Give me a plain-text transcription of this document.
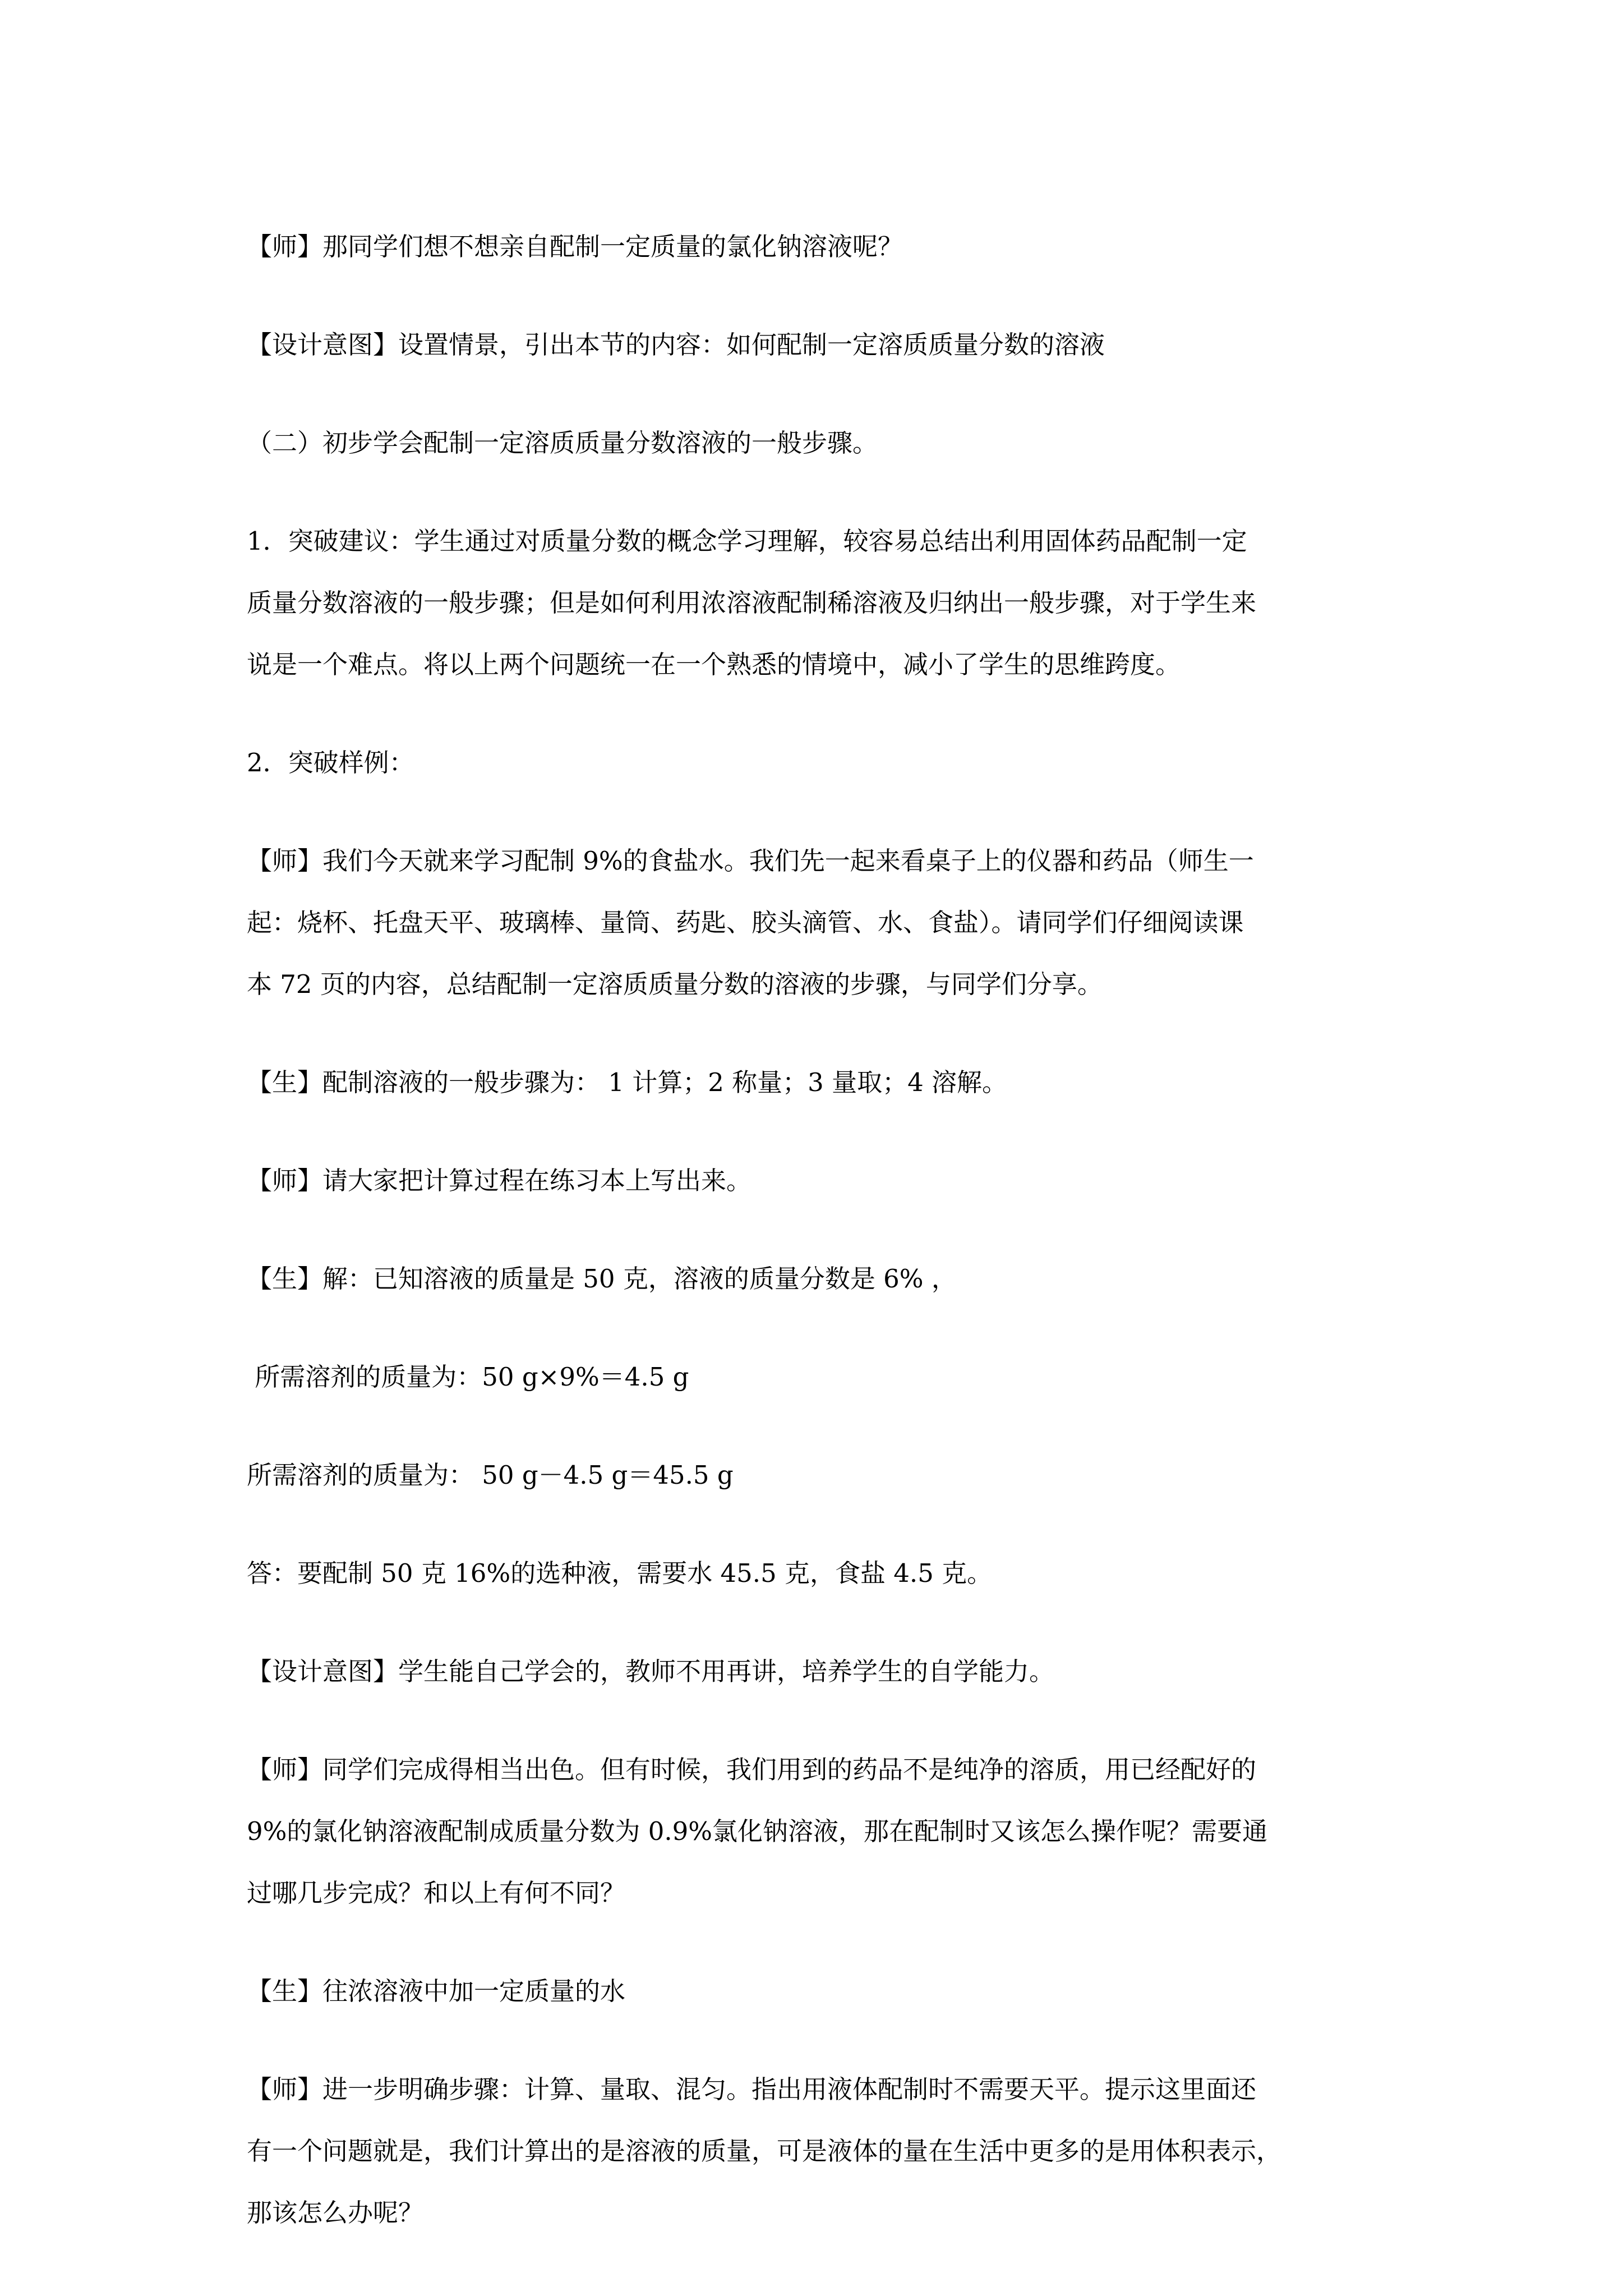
【师】那同学们想不想亲自配制一定质量的氯化钠溶液呢？

【设计意图】设置情景，引出本节的内容：如何配制一定溶质质量分数的溶液

（二）初步学会配制一定溶质质量分数溶液的一般步骤。

1．突破建议：学生通过对质量分数的概念学习理解，较容易总结出利用固体药品配制一定
质量分数溶液的一般步骤；但是如何利用浓溶液配制稀溶液及归纳出一般步骤，对于学生来
说是一个难点。将以上两个问题统一在一个熟悉的情境中，减小了学生的思维跨度。

2．突破样例：

【师】我们今天就来学习配制 9%的食盐水。我们先一起来看桌子上的仪器和药品（师生一
起：烧杯、托盘天平、玻璃棒、量筒、药匙、胶头滴管、水、食盐）。请同学们仔细阅读课
本 72 页的内容，总结配制一定溶质质量分数的溶液的步骤，与同学们分享。

【生】配制溶液的一般步骤为： 1 计算；2 称量；3 量取；4 溶解。

【师】请大家把计算过程在练习本上写出来。

【生】解：已知溶液的质量是 50 克，溶液的质量分数是 6% ，

所需溶剂的质量为：50 g×9%＝4.5 g

所需溶剂的质量为： 50 g－4.5 g＝45.5 g

答：要配制 50 克 16%的选种液，需要水 45.5 克，食盐 4.5 克。

【设计意图】学生能自己学会的，教师不用再讲，培养学生的自学能力。

【师】同学们完成得相当出色。但有时候，我们用到的药品不是纯净的溶质，用已经配好的
9%的氯化钠溶液配制成质量分数为 0.9%氯化钠溶液，那在配制时又该怎么操作呢？需要通
过哪几步完成？和以上有何不同？

【生】往浓溶液中加一定质量的水

【师】进一步明确步骤：计算、量取、混匀。指出用液体配制时不需要天平。提示这里面还
有一个问题就是，我们计算出的是溶液的质量，可是液体的量在生活中更多的是用体积表示，
那该怎么办呢？
